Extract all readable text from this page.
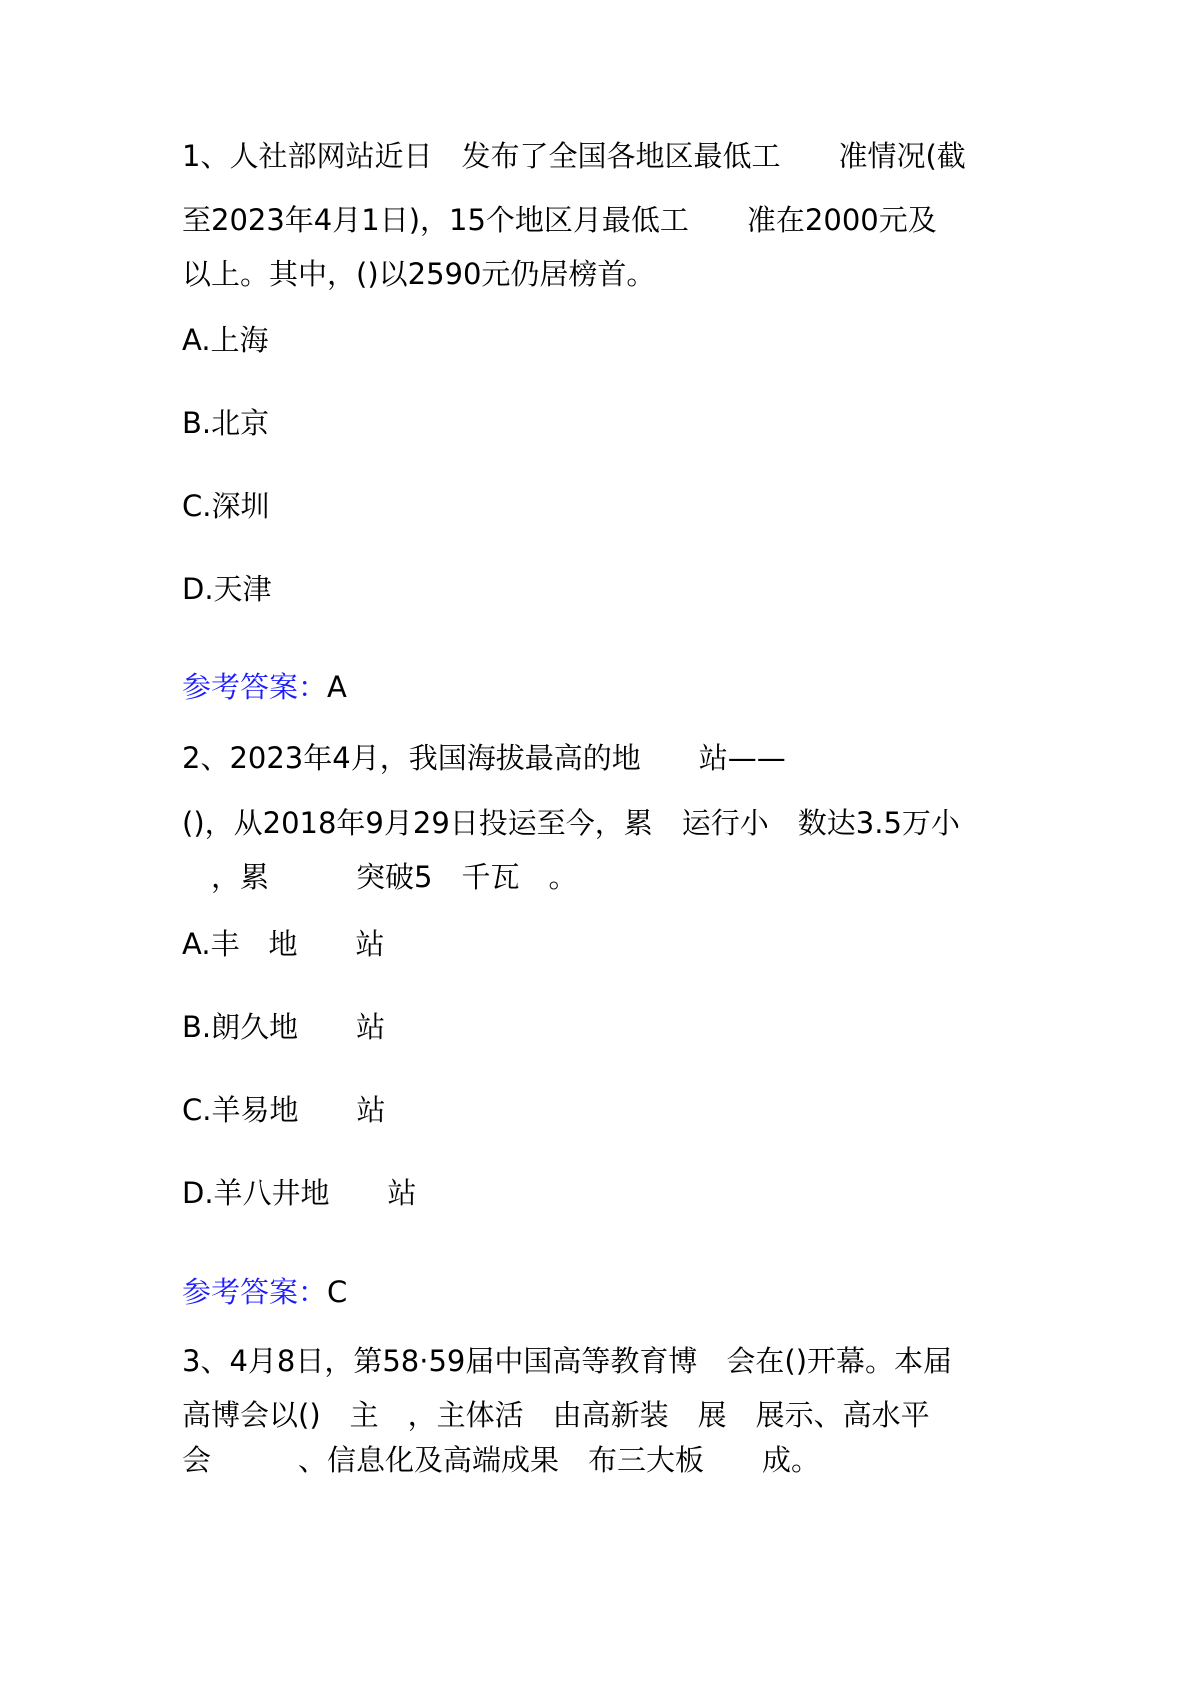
1、人社部网站近日　发布了全国各地区最低工　　准情况(截

至2023年4月1日)，15个地区月最低工　　准在2000元及

以上。其中，()以2590元仍居榜首。

A.上海

B.北京

C.深圳

D.天津

参考答案：A

2、2023年4月，我国海拔最高的地　　站——

()，从2018年9月29日投运至今，累　运行小　数达3.5万小

　，累　　　突破5　千瓦　。

A.丰　地　　站

B.朗久地　　站

C.羊易地　　站

D.羊八井地　　站

参考答案：C

3、4月8日，第58·59届中国高等教育博　会在()开幕。本届

高博会以()　主　，主体活　由高新装　展　展示、高水平

会　　　、信息化及高端成果　布三大板　　成。
